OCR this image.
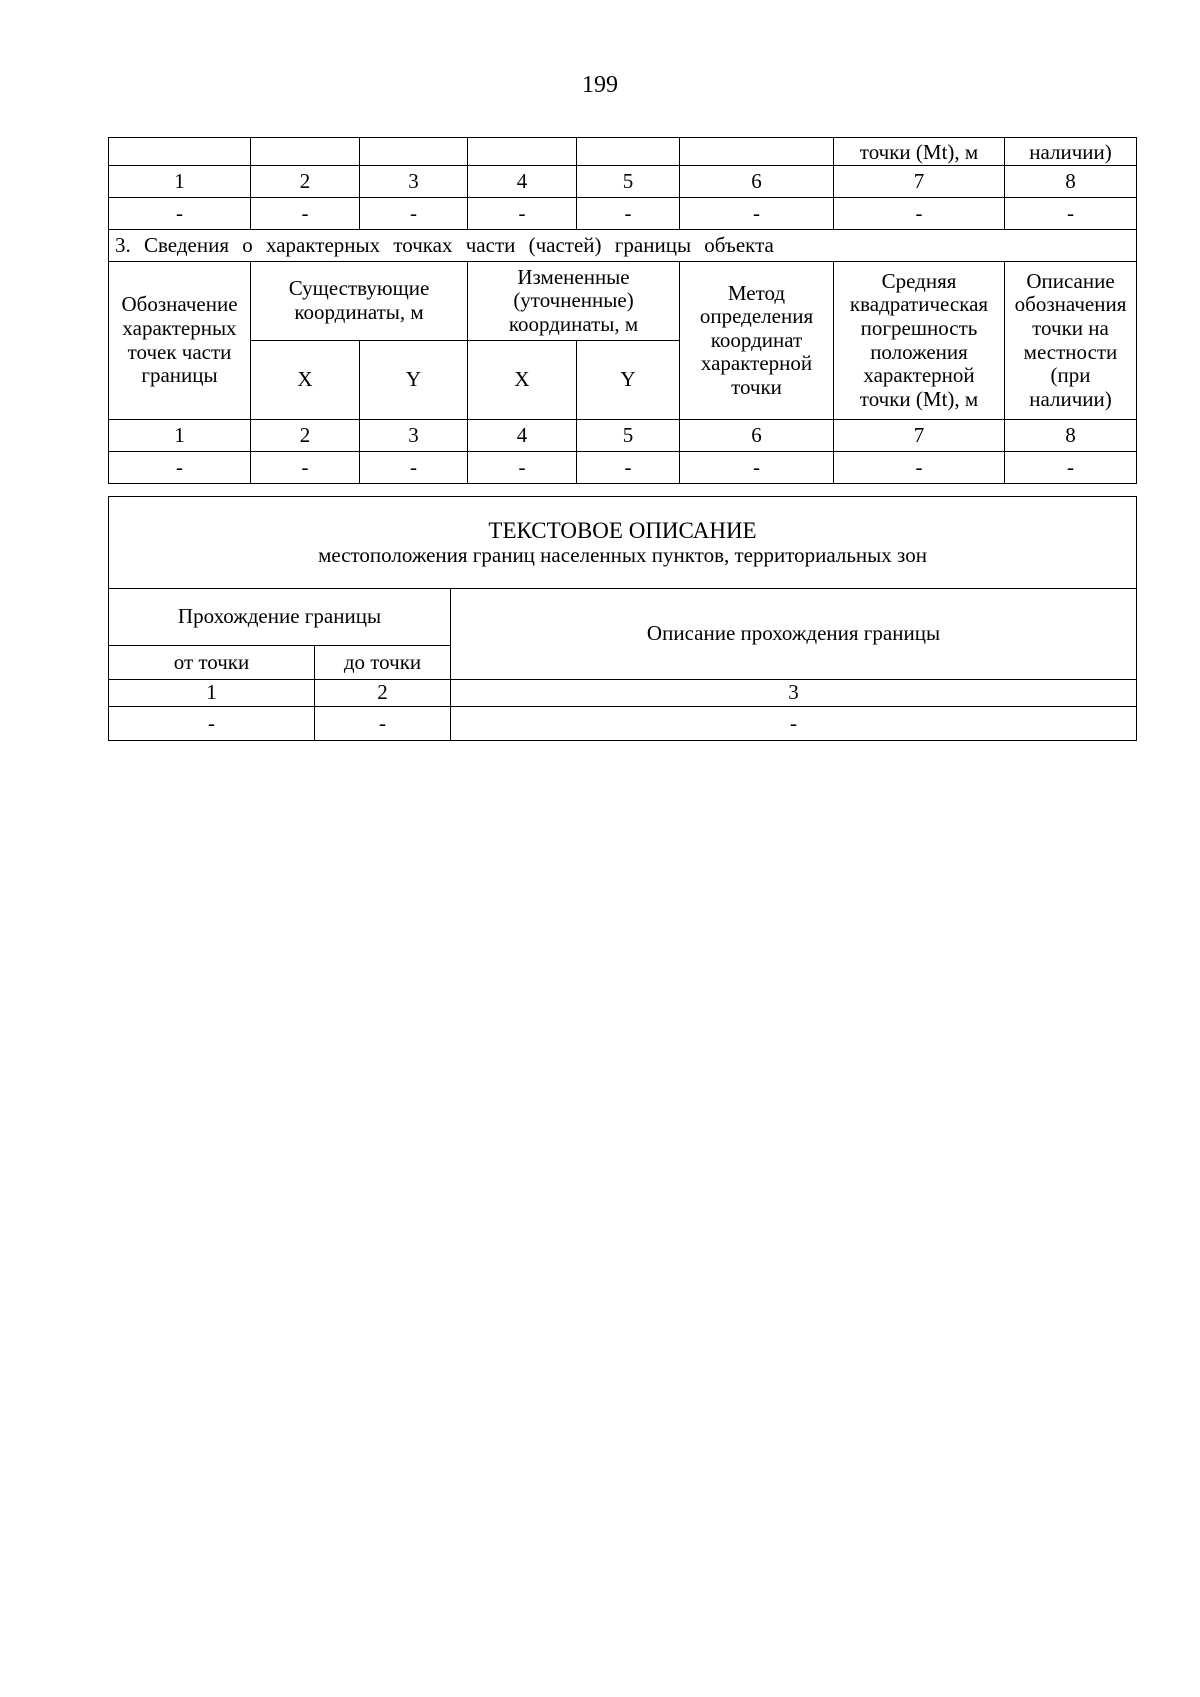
199
						точки (Mt), м	наличии)
1	2	3	4	5	6	7	8
-	-	-	-	-	-	-	-
3. Сведения о характерных точках части (частей) границы объекта							
Обозначение характерных точек части границы	Существующие координаты, м		Измененные (уточненные) координаты, м		Метод определения координат характерной точки	Средняя квадратическая погрешность положения характерной точки (Mt), м	Описание обозначения точки на местности (при наличии)
	X	Y	X	Y			
1	2	3	4	5	6	7	8
-	-	-	-	-	-	-	-
ТЕКСТОВОЕ ОПИСАНИЕ
местоположения границ населенных пунктов, территориальных зон		

Прохождение границы		Описание прохождения границы
от точки	до точки	
1	2	3
-	-	-
